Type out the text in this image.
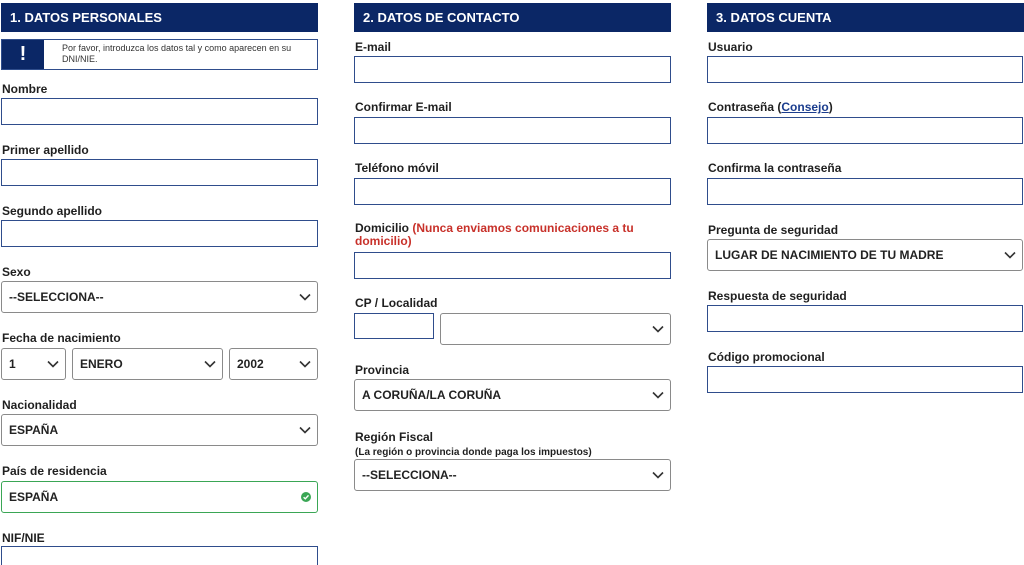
1. DATOS PERSONALES
!	Por favor, introduzca los datos tal y como aparecen en su DNI/NIE.
Nombre
Primer apellido
Segundo apellido
Sexo
--SELECCIONA--
Fecha de nacimiento
1	ENERO	2002
Nacionalidad
ESPAÑA
País de residencia
ESPAÑA
NIF/NIE
2. DATOS DE CONTACTO
E-mail
Confirmar E-mail
Teléfono móvil
Domicilio (Nunca enviamos comunicaciones a tu domicilio)
CP / Localidad
Provincia
A CORUÑA/LA CORUÑA
Región Fiscal
(La región o provincia donde paga los impuestos)
--SELECCIONA--
3. DATOS CUENTA
Usuario
Contraseña (Consejo)
Confirma la contraseña
Pregunta de seguridad
LUGAR DE NACIMIENTO DE TU MADRE
Respuesta de seguridad
Código promocional
